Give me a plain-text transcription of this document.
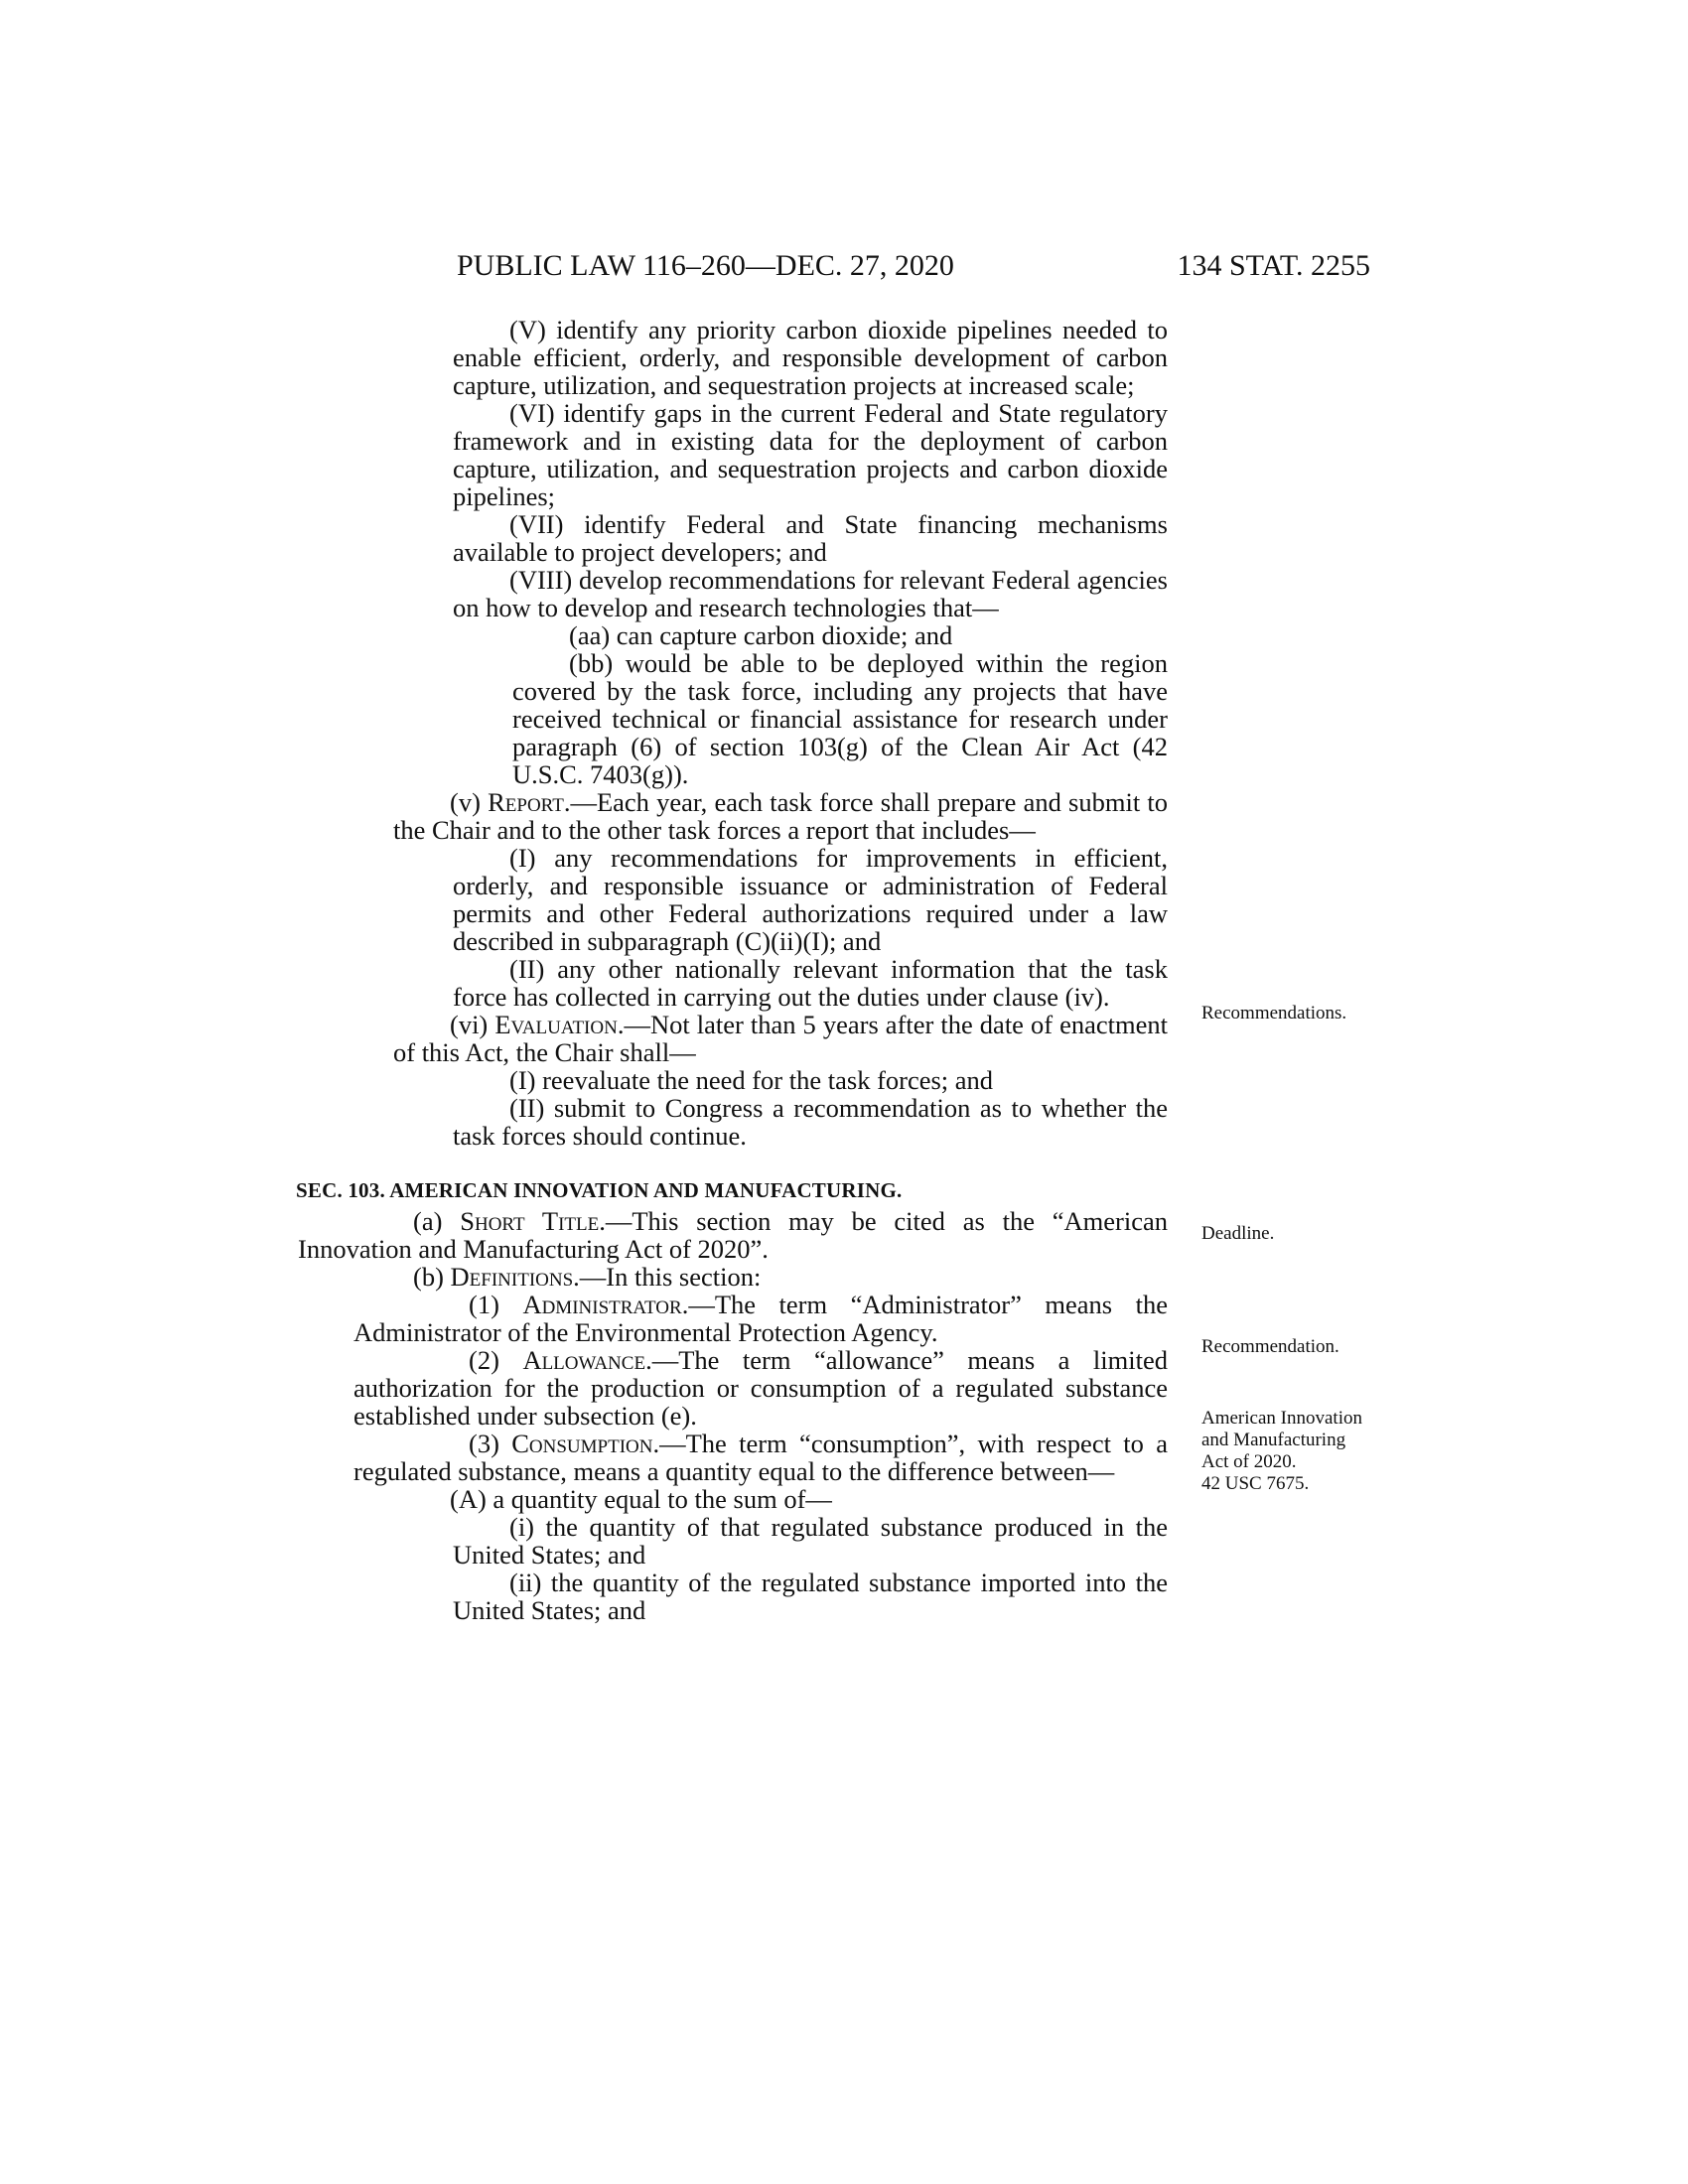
PUBLIC LAW 116–260—DEC. 27, 2020	134 STAT. 2255

(V) identify any priority carbon dioxide pipelines needed to enable efficient, orderly, and responsible development of carbon capture, utilization, and sequestration projects at increased scale;

(VI) identify gaps in the current Federal and State regulatory framework and in existing data for the deployment of carbon capture, utilization, and sequestration projects and carbon dioxide pipelines;

(VII) identify Federal and State financing mechanisms available to project developers; and

(VIII) develop recommendations for relevant Federal agencies on how to develop and research technologies that—

(aa) can capture carbon dioxide; and

(bb) would be able to be deployed within the region covered by the task force, including any projects that have received technical or financial assistance for research under paragraph (6) of section 103(g) of the Clean Air Act (42 U.S.C. 7403(g)).

(v) Report.—Each year, each task force shall prepare and submit to the Chair and to the other task forces a report that includes—

(I) any recommendations for improvements in efficient, orderly, and responsible issuance or administration of Federal permits and other Federal authorizations required under a law described in subparagraph (C)(ii)(I); and

(II) any other nationally relevant information that the task force has collected in carrying out the duties under clause (iv).

(vi) Evaluation.—Not later than 5 years after the date of enactment of this Act, the Chair shall—

(I) reevaluate the need for the task forces; and

(II) submit to Congress a recommendation as to whether the task forces should continue.

SEC. 103. AMERICAN INNOVATION AND MANUFACTURING.

(a) Short Title.—This section may be cited as the “American Innovation and Manufacturing Act of 2020”.

(b) Definitions.—In this section:

(1) Administrator.—The term “Administrator” means the Administrator of the Environmental Protection Agency.

(2) Allowance.—The term “allowance” means a limited authorization for the production or consumption of a regulated substance established under subsection (e).

(3) Consumption.—The term “consumption”, with respect to a regulated substance, means a quantity equal to the difference between—

(A) a quantity equal to the sum of—

(i) the quantity of that regulated substance produced in the United States; and

(ii) the quantity of the regulated substance imported into the United States; and

Recommendations.
Deadline.
Recommendation.
American Innovation and Manufacturing Act of 2020.
42 USC 7675.
